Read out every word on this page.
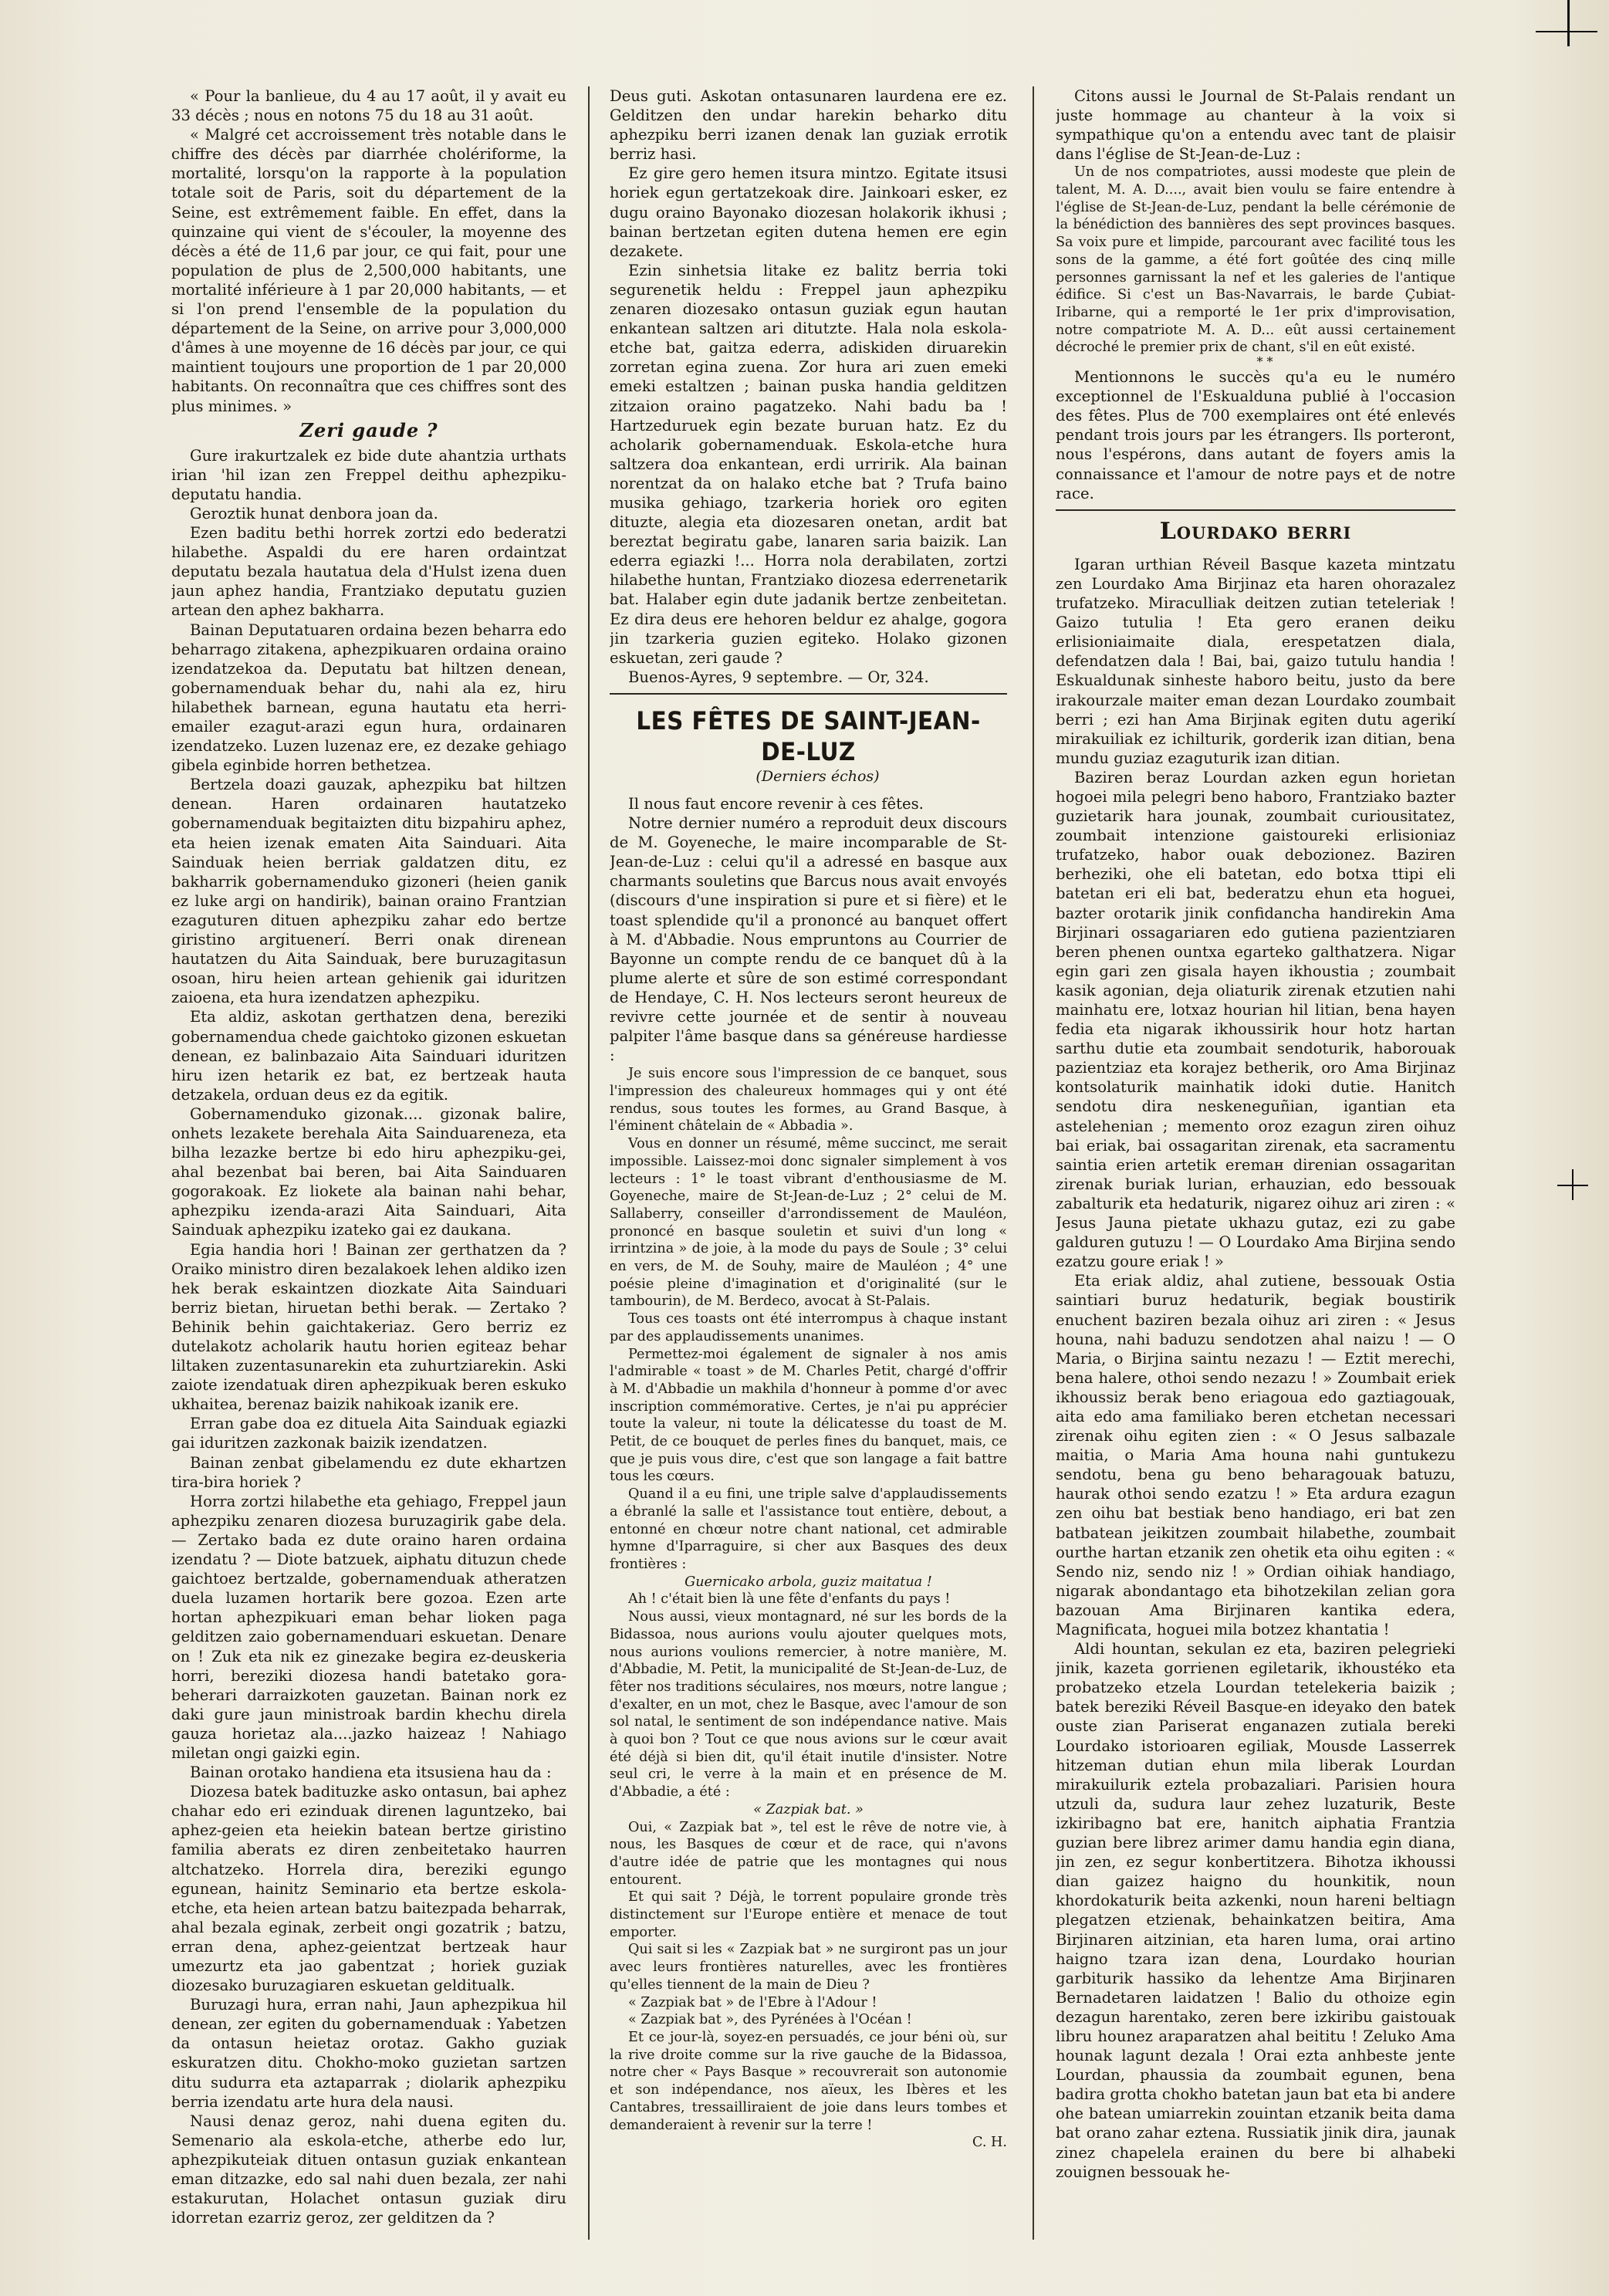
« Pour la banlieue, du 4 au 17 août, il y avait eu 33 décès ; nous en notons 75 du 18 au 31 août.

« Malgré cet accroissement très notable dans le chiffre des décès par diarrhée cholériforme, la mortalité, lorsqu'on la rapporte à la population totale soit de Paris, soit du département de la Seine, est extrêmement faible. En effet, dans la quinzaine qui vient de s'écouler, la moyenne des décès a été de 11,6 par jour, ce qui fait, pour une population de plus de 2,500,000 habitants, une mortalité inférieure à 1 par 20,000 habitants, — et si l'on prend l'ensemble de la population du département de la Seine, on arrive pour 3,000,000 d'âmes à une moyenne de 16 décès par jour, ce qui maintient toujours une proportion de 1 par 20,000 habitants. On reconnaîtra que ces chiffres sont des plus minimes. »

Zeri gaude ?

Gure irakurtzalek ez bide dute ahantzia urthats irian 'hil izan zen Freppel deithu aphezpiku-deputatu handia.

Geroztik hunat denbora joan da.

Ezen baditu bethi horrek zortzi edo bederatzi hilabethe. Aspaldi du ere haren ordaintzat deputatu bezala hautatua dela d'Hulst izena duen jaun aphez handia, Frantziako deputatu guzien artean den aphez bakharra.

Bainan Deputatuaren ordaina bezen beharra edo beharrago zitakena, aphezpikuaren ordaina oraino izendatzekoa da. Deputatu bat hiltzen denean, gobernamenduak behar du, nahi ala ez, hiru hilabethek barnean, eguna hautatu eta herri-emailer ezagut-arazi egun hura, ordainaren izendatzeko. Luzen luzenaz ere, ez dezake gehiago gibela eginbide horren bethetzea.

Bertzela doazi gauzak, aphezpiku bat hiltzen denean. Haren ordainaren hautatzeko gobernamenduak begitaizten ditu bizpahiru aphez, eta heien izenak ematen Aita Sainduari. Aita Sainduak heien berriak galdatzen ditu, ez bakharrik gobernamenduko gizoneri (heien ganik ez luke argi on handirik), bainan oraino Frantzian ezaguturen dituen aphezpiku zahar edo bertze giristino argituenerí. Berri onak direnean hautatzen du Aita Sainduak, bere buruzagitasun osoan, hiru heien artean gehienik gai iduritzen zaioena, eta hura izendatzen aphezpiku.

Eta aldiz, askotan gerthatzen dena, bereziki gobernamendua chede gaichtoko gizonen eskuetan denean, ez balinbazaio Aita Sainduari iduritzen hiru izen hetarik ez bat, ez bertzeak hauta detzakela, orduan deus ez da egitik.

Gobernamenduko gizonak.... gizonak balire, onhets lezakete berehala Aita Sainduarenеza, eta bilha lezazke bertze bi edo hiru aphezpiku-gei, ahal bezenbat bai beren, bai Aita Sainduaren gogorakoak. Ez liokete ala bainan nahi behar, aphezpiku izenda-arazi Aita Sainduari, Aita Sainduak aphezpiku izateko gai ez daukana.

Egia handia hori ! Bainan zer gerthatzen da ? Oraiko ministro diren bezalakoek lehen aldiko izen hek berak eskaintzen diozkate Aita Sainduari berriz bietan, hiruetan bethi berak. — Zertako ? Behinik behin gaichtakeriaz. Gero berriz ez dutelakotz acholarik hautu horien egiteaz behar liltaken zuzentasunarekin eta zuhurtziarekin. Aski zaiote izendatuak diren aphezpikuak beren eskuko ukhaitea, berenaz baizik nahikoak izanik ere.

Erran gabe doa ez dituela Aita Sainduak egiazki gai iduritzen zazkonak baizik izendatzen.

Bainan zenbat gibelamendu ez dute ekhartzen tira-bira horiek ?

Horra zortzi hilabethe eta gehiago, Freppel jaun aphezpiku zenaren diozesa buruzagirik gabe dela. — Zertako bada ez dute oraino haren ordaina izendatu ? — Diote batzuek, aiphatu dituzun chede gaichtoez bertzalde, gobernamenduak atheratzen duela luzamen hortarik bere gozoa. Ezen arte hortan aphezpikuari eman behar lioken paga gelditzen zaio gobernamenduari eskuetan. Denare on ! Zuk eta nik ez ginezake begira ez-deuskeria horri, bereziki diozesa handi batetako gora-beherari darraizkoten gauzetan. Bainan nork ez daki gure jaun ministroak bardin khechu direla gauza horietaz ala....jazko haizeaz ! Nahiago miletan ongi gaizki egin.

Bainan orotako handiena eta itsusiena hau da :

Diozesa batek badituzke asko ontasun, bai aphez chahar edo eri ezinduak direnen laguntzeko, bai aphez-geien eta heiekin batean bertze giristino familia aberats ez diren zenbeitetako haurren altchatzeko. Horrela dira, bereziki egungo egunean, hainitz Seminario eta bertze eskola-etche, eta heien artean batzu baitezpada beharrak, ahal bezala eginak, zerbeit ongi gozatrik ; batzu, erran dena, aphez-geientzat bertzeak haur umezurtz eta jao gabentzat ; horiek guziak diozesako buruzagiaren eskuetan gelditualk.

Buruzagi hura, erran nahi, Jaun aphezpikua hil denean, zer egiten du gobernamenduak : Yabetzen da ontasun heietaz orotaz. Gakho guziak eskuratzen ditu. Chokho-moko guzietan sartzen ditu sudurra eta aztaparrak ; diolarik aphezpiku berria izendatu arte hura dela nausi.

Nausi denaz geroz, nahi duena egiten du. Semenario ala eskola-etche, atherbe edo lur, aphezpikuteiak dituen ontasun guziak enkantean eman ditzazke, edo sal nahi duen bezala, zer nahi estakurutan, Holachet ontasun guziak diru idorretan ezarriz geroz, zer gelditzen da ?

Deus guti. Askotan ontasunaren laurdena ere ez. Gelditzen den undar harekin beharko ditu aphezpiku berri izanen denak lan guziak errotik berriz hasi.

Ez gire gero hemen itsura mintzo. Egitate itsusi horiek egun gertatzekoak dire. Jainkoari esker, ez dugu oraino Bayonako diozesan holakorik ikhusi ; bainan bertzetan egiten dutena hemen ere egin dezakete.

Ezin sinhetsia litake ez balitz berria toki segurenetik heldu : Freppel jaun aphezpiku zenaren diozesako ontasun guziak egun hautan enkantean saltzen ari ditutzte. Hala nola eskola-etche bat, gaitza ederra, adiskiden diruarekin zorretan egina zuena. Zor hura ari zuen emeki emeki estaltzen ; bainan puska handia gelditzen zitzaion oraino pagatzeko. Nahi badu ba ! Hartzeduruek egin bezate buruan hatz. Ez du acholarik gobernamenduak. Eskola-etche hura saltzera doa enkantean, erdi urririk. Ala bainan norentzat da on halako etche bat ? Trufa baino musika gehiago, tzarkeria horiek oro egiten dituzte, alegia eta diozesaren onetan, ardit bat bereztat begiratu gabe, lanaren saria baizik. Lan ederra egiazki !... Horra nola derabilaten, zortzi hilabethe huntan, Frantziako diozesa ederrenetarik bat. Halaber egin dute jadanik bertze zenbeitetan. Ez dira deus ere hehoren beldur ez ahalge, gogora jin tzarkeria guzien egiteko. Holako gizonen eskuetan, zeri gaude ?

Buenos-Ayres, 9 septembre. — Or, 324.

LES FÊTES DE SAINT-JEAN-DE-LUZ

(Derniers échos)

Il nous faut encore revenir à ces fêtes.

Notre dernier numéro a reproduit deux discours de M. Goyeneche, le maire incomparable de St-Jean-de-Luz : celui qu'il a adressé en basque aux charmants souletins que Barcus nous avait envoyés (discours d'une inspiration si pure et si fière) et le toast splendide qu'il a prononcé au banquet offert à M. d'Abbadie. Nous empruntons au Courrier de Bayonne un compte rendu de ce banquet dû à la plume alerte et sûre de son estimé correspondant de Hendaye, C. H. Nos lecteurs seront heureux de revivre cette journée et de sentir à nouveau palpiter l'âme basque dans sa généreuse hardiesse :

Je suis encore sous l'impression de ce banquet, sous l'impression des chaleureux hommages qui y ont été rendus, sous toutes les formes, au Grand Basque, à l'éminent châtelain de « Abbadia ».

Vous en donner un résumé, même succinct, me serait impossible. Laissez-moi donc signaler simplement à vos lecteurs : 1° le toast vibrant d'enthousiasme de M. Goyeneche, maire de St-Jean-de-Luz ; 2° celui de M. Sallaberry, conseiller d'arrondissement de Mauléon, prononcé en basque souletin et suivi d'un long « irrintzina » de joie, à la mode du pays de Soule ; 3° celui en vers, de M. de Souhy, maire de Mauléon ; 4° une poésie pleine d'imagination et d'originalité (sur le tambourin), de M. Berdeco, avocat à St-Palais.

Tous ces toasts ont été interrompus à chaque instant par des applaudissements unanimes.

Permettez-moi également de signaler à nos amis l'admirable « toast » de M. Charles Petit, chargé d'offrir à M. d'Abbadie un makhila d'honneur à pomme d'or avec inscription commémorative. Certes, je n'ai pu apprécier toute la valeur, ni toute la délicatesse du toast de M. Petit, de ce bouquet de perles fines du banquet, mais, ce que je puis vous dire, c'est que son langage a fait battre tous les cœurs.

Quand il a eu fini, une triple salve d'applaudissements a ébranlé la salle et l'assistance tout entière, debout, a entonné en chœur notre chant national, cet admirable hymne d'Iparraguire, si cher aux Basques des deux frontières :

Guernicako arbola, guziz maitatua !

Ah ! c'était bien là une fête d'enfants du pays !

Nous aussi, vieux montagnard, né sur les bords de la Bidassoa, nous aurions voulu ajouter quelques mots, nous aurions voulions remercier, à notre manière, M. d'Abbadie, M. Petit, la municipalité de St-Jean-de-Luz, de fêter nos traditions séculaires, nos mœurs, notre langue ; d'exalter, en un mot, chez le Basque, avec l'amour de son sol natal, le sentiment de son indépendance native. Mais à quoi bon ? Tout ce que nous avions sur le cœur avait été déjà si bien dit, qu'il était inutile d'insister. Notre seul cri, le verre à la main et en présence de M. d'Abbadie, a été :

« Zazpiak bat. »

Oui, « Zazpiak bat », tel est le rêve de notre vie, à nous, les Basques de cœur et de race, qui n'avons d'autre idée de patrie que les montagnes qui nous entourent.

Et qui sait ? Déjà, le torrent populaire gronde très distinctement sur l'Europe entière et menace de tout emporter.

Qui sait si les « Zazpiak bat » ne surgiront pas un jour avec leurs frontières naturelles, avec les frontières qu'elles tiennent de la main de Dieu ?

« Zazpiak bat » de l'Ebre à l'Adour !

« Zazpiak bat », des Pyrénées à l'Océan !

Et ce jour-là, soyez-en persuadés, ce jour béni où, sur la rive droite comme sur la rive gauche de la Bidassoa, notre cher « Pays Basque » recouvrerait son autonomie et son indépendance, nos aïeux, les Ibères et les Cantabres, tressailliraient de joie dans leurs tombes et demanderaient à revenir sur la terre !

C. H.

Citons aussi le Journal de St-Palais rendant un juste hommage au chanteur à la voix si sympathique qu'on a entendu avec tant de plaisir dans l'église de St-Jean-de-Luz :

Un de nos compatriotes, aussi modeste que plein de talent, M. A. D...., avait bien voulu se faire entendre à l'église de St-Jean-de-Luz, pendant la belle cérémonie de la bénédiction des bannières des sept provinces basques. Sa voix pure et limpide, parcourant avec facilité tous les sons de la gamme, a été fort goûtée des cinq mille personnes garnissant la nef et les galeries de l'antique édifice. Si c'est un Bas-Navarrais, le barde Çubiat-Iribarne, qui a remporté le 1er prix d'improvisation, notre compatriote M. A. D... eût aussi certainement décroché le premier prix de chant, s'il en eût existé.

* *

Mentionnons le succès qu'a eu le numéro exceptionnel de l'Eskualduna publié à l'occasion des fêtes. Plus de 700 exemplaires ont été enlevés pendant trois jours par les étrangers. Ils porteront, nous l'espérons, dans autant de foyers amis la connaissance et l'amour de notre pays et de notre race.

Lourdako berri

Igaran urthian Réveil Basque kazeta mintzatu zen Lourdako Ama Birjinaz eta haren ohorazalez trufatzeko. Miraculliak deitzen zutian teteleriak ! Gaizo tutulia ! Eta gero eranen deiku erlisioniaimaite diala, erespetatzen diala, defendatzen dala ! Bai, bai, gaizo tutulu handia ! Eskualdunak sinheste haboro beitu, justo da bere irakourzale maiter eman dezan Lourdako zoumbait berri ; ezi han Ama Birjinak egiten dutu agerikí mirakuiliak ez ichilturik, gorderik izan ditian, bena mundu guziaz ezaguturik izan ditian.

Baziren beraz Lourdan azken egun horietan hogoei mila pelegri beno haboro, Frantziako bazter guzietarik hara jounak, zoumbait curiousitatez, zoumbait intenzione gaistoureki erlisioniaz trufatzeko, habor ouak debozionez. Baziren berheziki, ohe eli batetan, edo botxa ttipi eli batetan eri eli bat, bederatzu ehun eta hoguei, bazter orotarik jinik confidancha handirekin Ama Birjinari ossagariaren edo gutiena pazientziaren beren phenen ountxa egarteko galthatzera. Nigar egin gari zen gisala hayen ikhoustia ; zoumbait kasik agonian, deja oliaturik zirenak etzutien nahi mainhatu ere, lotxaz hourian hil litian, bena hayen fedia eta nigarak ikhoussirik hour hotz hartan sarthu dutie eta zoumbait sendoturik, haborouak pazientziaz eta korajez betherik, oro Ama Birjinaz kontsolaturik mainhatik idoki dutie. Hanitch sendotu dira neskeneguñian, igantian eta astelehenian ; memento oroz ezagun ziren oihuz bai eriak, bai ossagaritan zirenak, eta sacramentu saintia erien artetik eremaн direnian ossagaritan zirenak buriak lurian, erhauzian, edo bessouak zabalturik eta hedaturik, nigarez oihuz ari ziren : « Jesus Jauna pietate ukhazu gutaz, ezi zu gabe galduren gutuzu ! — O Lourdako Ama Birjina sendo ezatzu goure eriak ! »

Eta eriak aldiz, ahal zutiene, bessouak Ostia saintiari buruz hedaturik, begiak boustirik enuchent baziren bezala oihuz ari ziren : « Jesus houna, nahi baduzu sendotzen ahal naizu ! — O Maria, o Birjina saintu nezazu ! — Eztit merechi, bena halere, othoi sendo nezazu ! » Zoumbait eriek ikhoussiz berak beno eriagoua edo gaztiagouak, aita edo ama familiako beren etchetan necessari zirenak oihu egiten zien : « O Jesus salbazale maitia, o Maria Ama houna nahi guntukezu sendotu, bena gu beno beharagouak batuzu, haurak othoi sendo ezatzu ! » Eta ardura ezagun zen oihu bat bestiak beno handiago, eri bat zen batbatean jeikitzen zoumbait hilabethe, zoumbait ourthe hartan etzanik zen ohetik eta oihu egiten : « Sendo niz, sendo niz ! » Ordian oihiak handiago, nigarak abondantago eta bihotzekilan zelian gora bazouan Ama Birjinaren kantika edera, Magnificata, hoguei mila botzez khantatia !

Aldi hountan, sekulan ez eta, baziren pelegrieki jinik, kazeta gorrienen egiletarik, ikhoustéko eta probatzeko etzela Lourdan tetelekeria baizik ; batek bereziki Réveil Basque-en ideyako den batek ouste zian Pariserat enganazen zutiala bereki Lourdako istorioaren egiliak, Mousde Lasserrek hitzeman dutian ehun mila liberak Lourdan mirakuilurik eztela probazaliari. Parisien houra utzuli da, sudura laur zehez luzaturik, Beste izkiribagno bat ere, hanitch aiphatia Frantzia guzian bere librez arimer damu handia egin diana, jin zen, ez segur konbertitzera. Bihotza ikhoussi dian gaizez haigno du hounkitik, noun khordokaturik beita azkenki, noun hareni beltiagn plegatzen etzienak, behainkatzen beitira, Ama Birjinaren aitzinian, eta haren luma, orai artino haigno tzara izan dena, Lourdako hourian garbiturik hassiko da lehentze Ama Birjinaren Bernadetaren laidatzen ! Balio du othoize egin dezagun harentako, zeren bere izkiribu gaistouak libru hounez araparatzen ahal beititu ! Zeluko Ama hounak lagunt dezala ! Orai ezta anhbeste jente Lourdan, phaussia da zoumbait egunen, bena badira grotta chokho batetan jaun bat eta bi andere ohe batean umiarrekin zouintan etzanik beita dama bat orano zahar eztena. Russiatik jinik dira, jaunak zinez chapelela erainen du bere bi alhabeki zouignen bessouak he-
